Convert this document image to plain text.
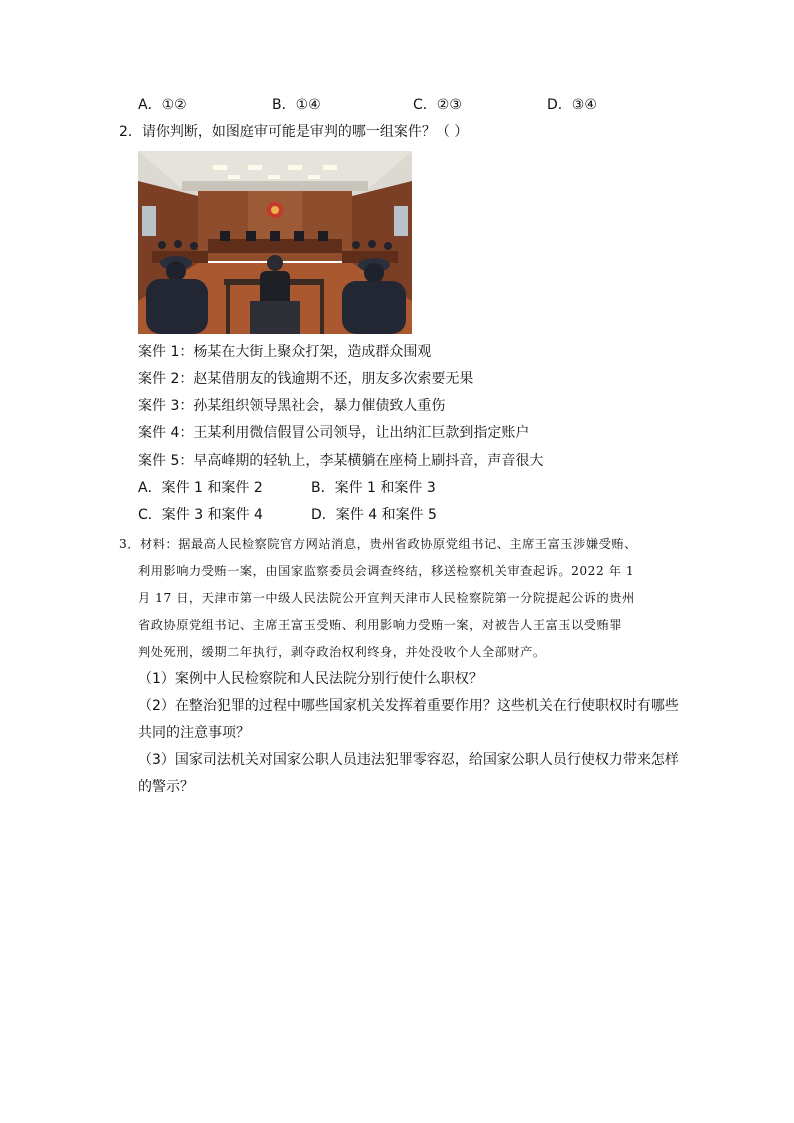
A．①②	B．①④	C．②③	D．③④
2．请你判断，如图庭审可能是审判的哪一组案件？（ ）
案件 1：杨某在大街上聚众打架，造成群众围观
案件 2：赵某借朋友的钱逾期不还，朋友多次索要无果
案件 3：孙某组织领导黑社会，暴力催债致人重伤
案件 4：王某利用微信假冒公司领导，让出纳汇巨款到指定账户
案件 5：早高峰期的轻轨上，李某横躺在座椅上刷抖音，声音很大
A．案件 1 和案件 2	B．案件 1 和案件 3
C．案件 3 和案件 4	D．案件 4 和案件 5
3．材料：据最高人民检察院官方网站消息，贵州省政协原党组书记、主席王富玉涉嫌受贿、
利用影响力受贿一案，由国家监察委员会调查终结，移送检察机关审查起诉。2022 年 1
月 17 日，天津市第一中级人民法院公开宣判天津市人民检察院第一分院提起公诉的贵州
省政协原党组书记、主席王富玉受贿、利用影响力受贿一案，对被告人王富玉以受贿罪
判处死刑，缓期二年执行，剥夺政治权利终身，并处没收个人全部财产。
（1）案例中人民检察院和人民法院分别行使什么职权？
（2）在整治犯罪的过程中哪些国家机关发挥着重要作用？这些机关在行使职权时有哪些
共同的注意事项？
（3）国家司法机关对国家公职人员违法犯罪零容忍，给国家公职人员行使权力带来怎样
的警示？
